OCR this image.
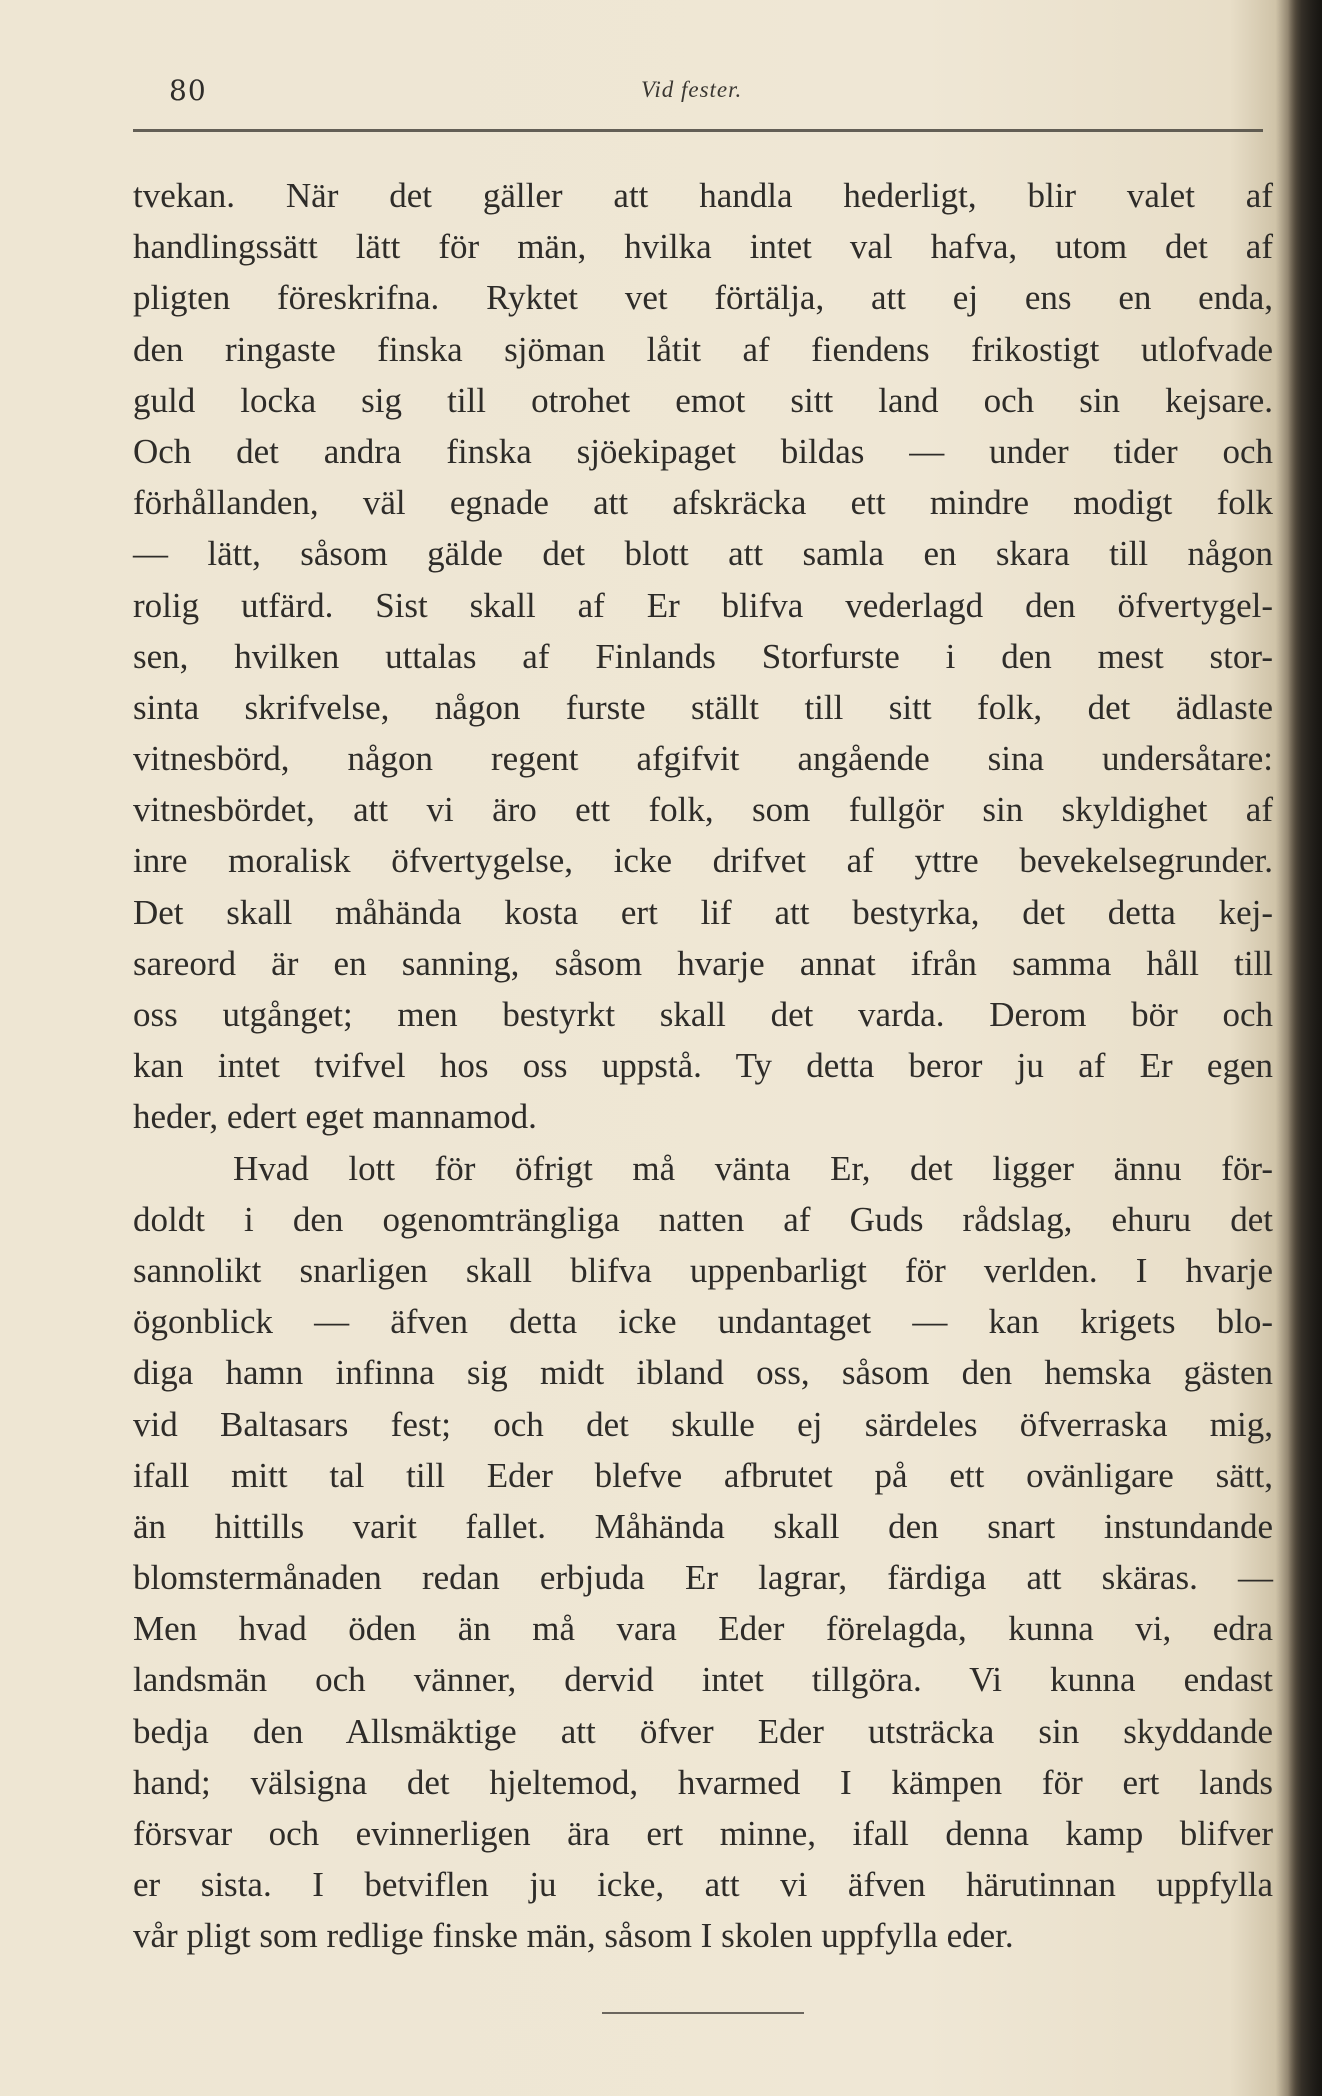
80	Vid fester.
tvekan. När det gäller att handla hederligt, blir valet af
handlingssätt lätt för män, hvilka intet val hafva, utom det af
pligten föreskrifna. Ryktet vet förtälja, att ej ens en enda,
den ringaste finska sjöman låtit af fiendens frikostigt utlofvade
guld locka sig till otrohet emot sitt land och sin kejsare.
Och det andra finska sjöekipaget bildas — under tider och
förhållanden, väl egnade att afskräcka ett mindre modigt folk
— lätt, såsom gälde det blott att samla en skara till någon
rolig utfärd. Sist skall af Er blifva vederlagd den öfvertygel-
sen, hvilken uttalas af Finlands Storfurste i den mest stor-
sinta skrifvelse, någon furste ställt till sitt folk, det ädlaste
vitnesbörd, någon regent afgifvit angående sina undersåtare:
vitnesbördet, att vi äro ett folk, som fullgör sin skyldighet af
inre moralisk öfvertygelse, icke drifvet af yttre bevekelsegrunder.
Det skall måhända kosta ert lif att bestyrka, det detta kej-
sareord är en sanning, såsom hvarje annat ifrån samma håll till
oss utgånget; men bestyrkt skall det varda. Derom bör och
kan intet tvifvel hos oss uppstå. Ty detta beror ju af Er egen
heder, edert eget mannamod.
Hvad lott för öfrigt må vänta Er, det ligger ännu för-
doldt i den ogenomträngliga natten af Guds rådslag, ehuru det
sannolikt snarligen skall blifva uppenbarligt för verlden. I hvarje
ögonblick — äfven detta icke undantaget — kan krigets blo-
diga hamn infinna sig midt ibland oss, såsom den hemska gästen
vid Baltasars fest; och det skulle ej särdeles öfverraska mig,
ifall mitt tal till Eder blefve afbrutet på ett ovänligare sätt,
än hittills varit fallet. Måhända skall den snart instundande
blomstermånaden redan erbjuda Er lagrar, färdiga att skäras. —
Men hvad öden än må vara Eder förelagda, kunna vi, edra
landsmän och vänner, dervid intet tillgöra. Vi kunna endast
bedja den Allsmäktige att öfver Eder utsträcka sin skyddande
hand; välsigna det hjeltemod, hvarmed I kämpen för ert lands
försvar och evinnerligen ära ert minne, ifall denna kamp blifver
er sista. I betviflen ju icke, att vi äfven härutinnan uppfylla
vår pligt som redlige finske män, såsom I skolen uppfylla eder.
